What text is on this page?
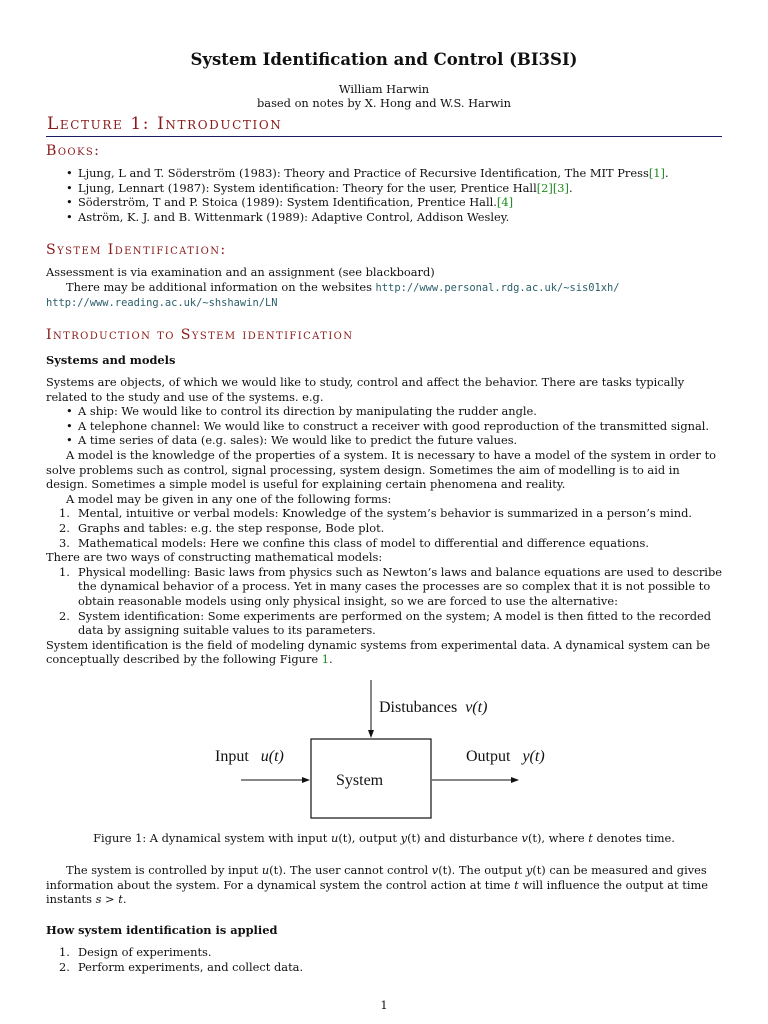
System Identification and Control (BI3SI)
William Harwin
based on notes by X. Hong and W.S. Harwin
Lecture 1: Introduction
Books:
• Ljung, L and T. Söderström (1983): Theory and Practice of Recursive Identification, The MIT Press[1].
• Ljung, Lennart (1987): System identification: Theory for the user, Prentice Hall[2][3].
• Söderström, T and P. Stoica (1989): System Identification, Prentice Hall.[4]
• Aström, K. J. and B. Wittenmark (1989): Adaptive Control, Addison Wesley.
System Identification:

Assessment is via examination and an assignment (see blackboard)

There may be additional information on the websites http://www.personal.rdg.ac.uk/~sis01xh/

http://www.reading.ac.uk/~shshawin/LN

Introduction to System identification
Systems and models

Systems are objects, of which we would like to study, control and affect the behavior. There are tasks typically related to the study and use of the systems. e.g.

• A ship: We would like to control its direction by manipulating the rudder angle.
• A telephone channel: We would like to construct a receiver with good reproduction of the transmitted signal.
• A time series of data (e.g. sales): We would like to predict the future values.

A model is the knowledge of the properties of a system. It is necessary to have a model of the system in order to solve problems such as control, signal processing, system design. Sometimes the aim of modelling is to aid in design. Sometimes a simple model is useful for explaining certain phenomena and reality.

A model may be given in any one of the following forms:

1. Mental, intuitive or verbal models: Knowledge of the system’s behavior is summarized in a person’s mind.
2. Graphs and tables: e.g. the step response, Bode plot.
3. Mathematical models: Here we confine this class of model to differential and difference equations.

There are two ways of constructing mathematical models:

1. Physical modelling: Basic laws from physics such as Newton’s laws and balance equations are used to describe the dynamical behavior of a process. Yet in many cases the processes are so complex that it is not possible to obtain reasonable models using only physical insight, so we are forced to use the alternative:
2. System identification: Some experiments are performed on the system; A model is then fitted to the recorded data by assigning suitable values to its parameters.

System identification is the field of modeling dynamic systems from experimental data. A dynamical system can be conceptually described by the following Figure 1.

Distubances v(t)
Input u(t)	Output y(t)
System
Figure 1: A dynamical system with input u(t), output y(t) and disturbance v(t), where t denotes time.

The system is controlled by input u(t). The user cannot control v(t). The output y(t) can be measured and gives information about the system. For a dynamical system the control action at time t will influence the output at time instants s > t.

How system identification is applied
1. Design of experiments.
2. Perform experiments, and collect data.
1
